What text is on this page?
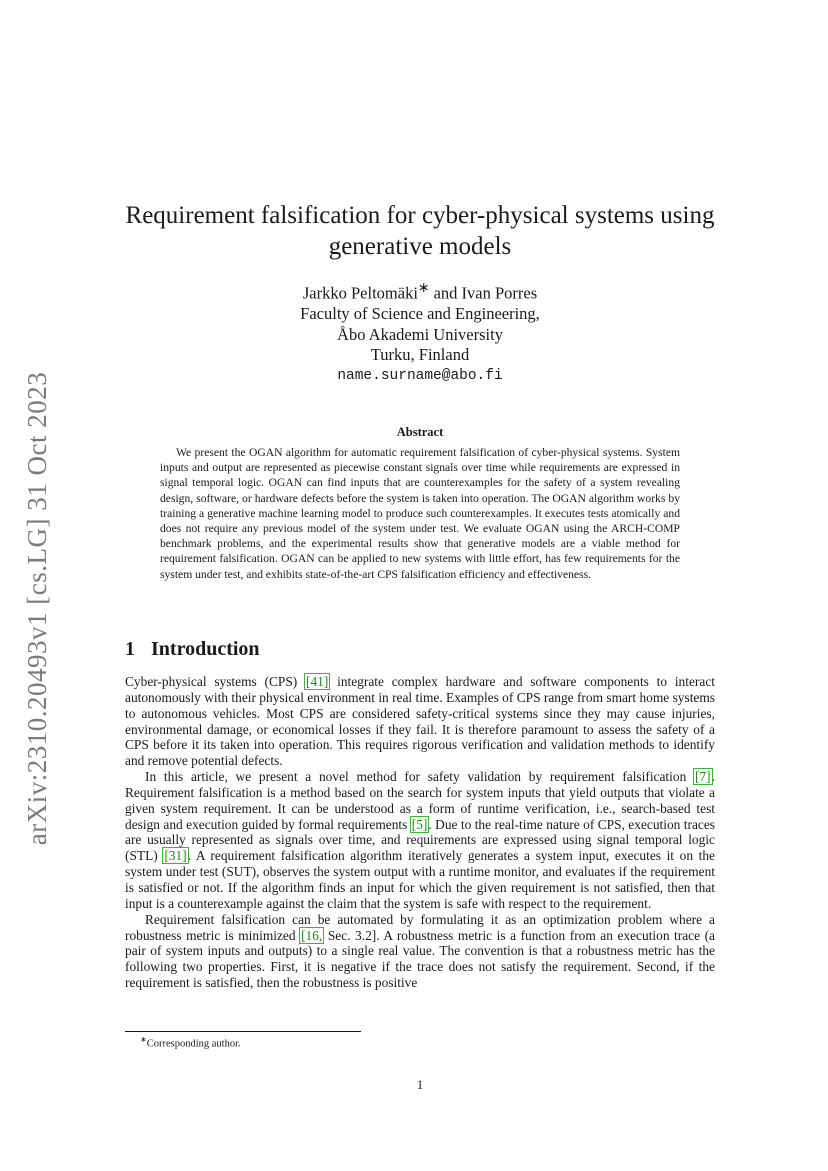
arXiv:2310.20493v1 [cs.LG] 31 Oct 2023
Requirement falsification for cyber-physical systems using generative models
Jarkko Peltomäki∗ and Ivan Porres
Faculty of Science and Engineering,
Åbo Akademi University
Turku, Finland
name.surname@abo.fi
Abstract

We present the OGAN algorithm for automatic requirement falsification of cyber-physical systems. System inputs and output are represented as piecewise constant signals over time while requirements are expressed in signal temporal logic. OGAN can find inputs that are counterexamples for the safety of a system revealing design, software, or hardware defects before the system is taken into operation. The OGAN algorithm works by training a generative machine learning model to produce such counterexamples. It executes tests atomically and does not require any previous model of the system under test. We evaluate OGAN using the ARCH-COMP benchmark problems, and the experimental results show that generative models are a viable method for requirement falsification. OGAN can be applied to new systems with little effort, has few requirements for the system under test, and exhibits state-of-the-art CPS falsification efficiency and effectiveness.

1 Introduction

Cyber-physical systems (CPS) [41] integrate complex hardware and software components to interact autonomously with their physical environment in real time. Examples of CPS range from smart home systems to autonomous vehicles. Most CPS are considered safety-critical systems since they may cause injuries, environmental damage, or economical losses if they fail. It is therefore paramount to assess the safety of a CPS before it its taken into operation. This requires rigorous verification and validation methods to identify and remove potential defects.

In this article, we present a novel method for safety validation by requirement falsification [7]. Requirement falsification is a method based on the search for system inputs that yield outputs that violate a given system requirement. It can be understood as a form of runtime verification, i.e., search-based test design and execution guided by formal requirements [5]. Due to the real-time nature of CPS, execution traces are usually represented as signals over time, and requirements are expressed using signal temporal logic (STL) [31]. A requirement falsification algorithm iteratively generates a system input, executes it on the system under test (SUT), observes the system output with a runtime monitor, and evaluates if the requirement is satisfied or not. If the algorithm finds an input for which the given requirement is not satisfied, then that input is a counterexample against the claim that the system is safe with respect to the requirement.

Requirement falsification can be automated by formulating it as an optimization problem where a robustness metric is minimized [16, Sec. 3.2]. A robustness metric is a function from an execution trace (a pair of system inputs and outputs) to a single real value. The convention is that a robustness metric has the following two properties. First, it is negative if the trace does not satisfy the requirement. Second, if the requirement is satisfied, then the robustness is positive

∗Corresponding author.
1
